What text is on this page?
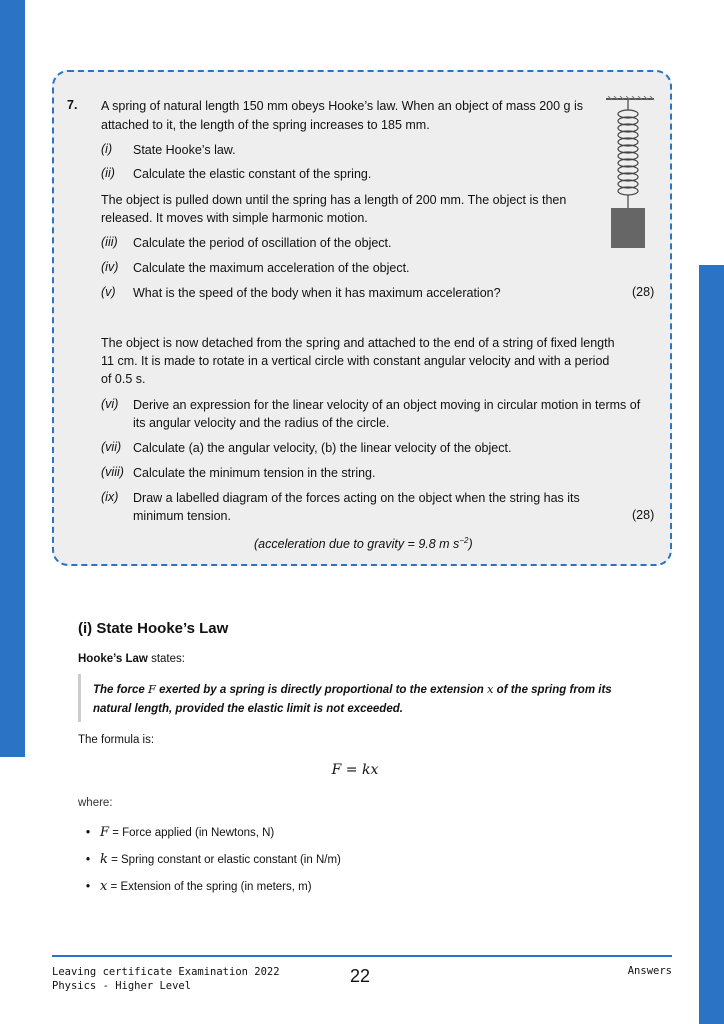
7. A spring of natural length 150 mm obeys Hooke’s law. When an object of mass 200 g is
attached to it, the length of the spring increases to 185 mm.
(i) State Hooke’s law.
(ii) Calculate the elastic constant of the spring.
The object is pulled down until the spring has a length of 200 mm. The object is then
released. It moves with simple harmonic motion.
(iii) Calculate the period of oscillation of the object.
(iv) Calculate the maximum acceleration of the object.
(v) What is the speed of the body when it has maximum acceleration?	(28)
The object is now detached from the spring and attached to the end of a string of fixed length
11 cm. It is made to rotate in a vertical circle with constant angular velocity and with a period
of 0.5 s.
(vi) Derive an expression for the linear velocity of an object moving in circular motion in terms of
its angular velocity and the radius of the circle.
(vii) Calculate (a) the angular velocity, (b) the linear velocity of the object.
(viii) Calculate the minimum tension in the string.
(ix) Draw a labelled diagram of the forces acting on the object when the string has its
minimum tension.	(28)
(acceleration due to gravity = 9.8 m $s^{-2}$)
(i) State Hooke’s Law
Hooke’s Law states:
The force F exerted by a spring is directly proportional to the extension x of the spring from its
natural length, provided the elastic limit is not exceeded.
The formula is:
F = kx
where:
• F = Force applied (in Newtons, N)
• k = Spring constant or elastic constant (in N/m)
• x = Extension of the spring (in meters, m)
Leaving certificate Examination 2022
Physics - Higher Level	22	Answers
